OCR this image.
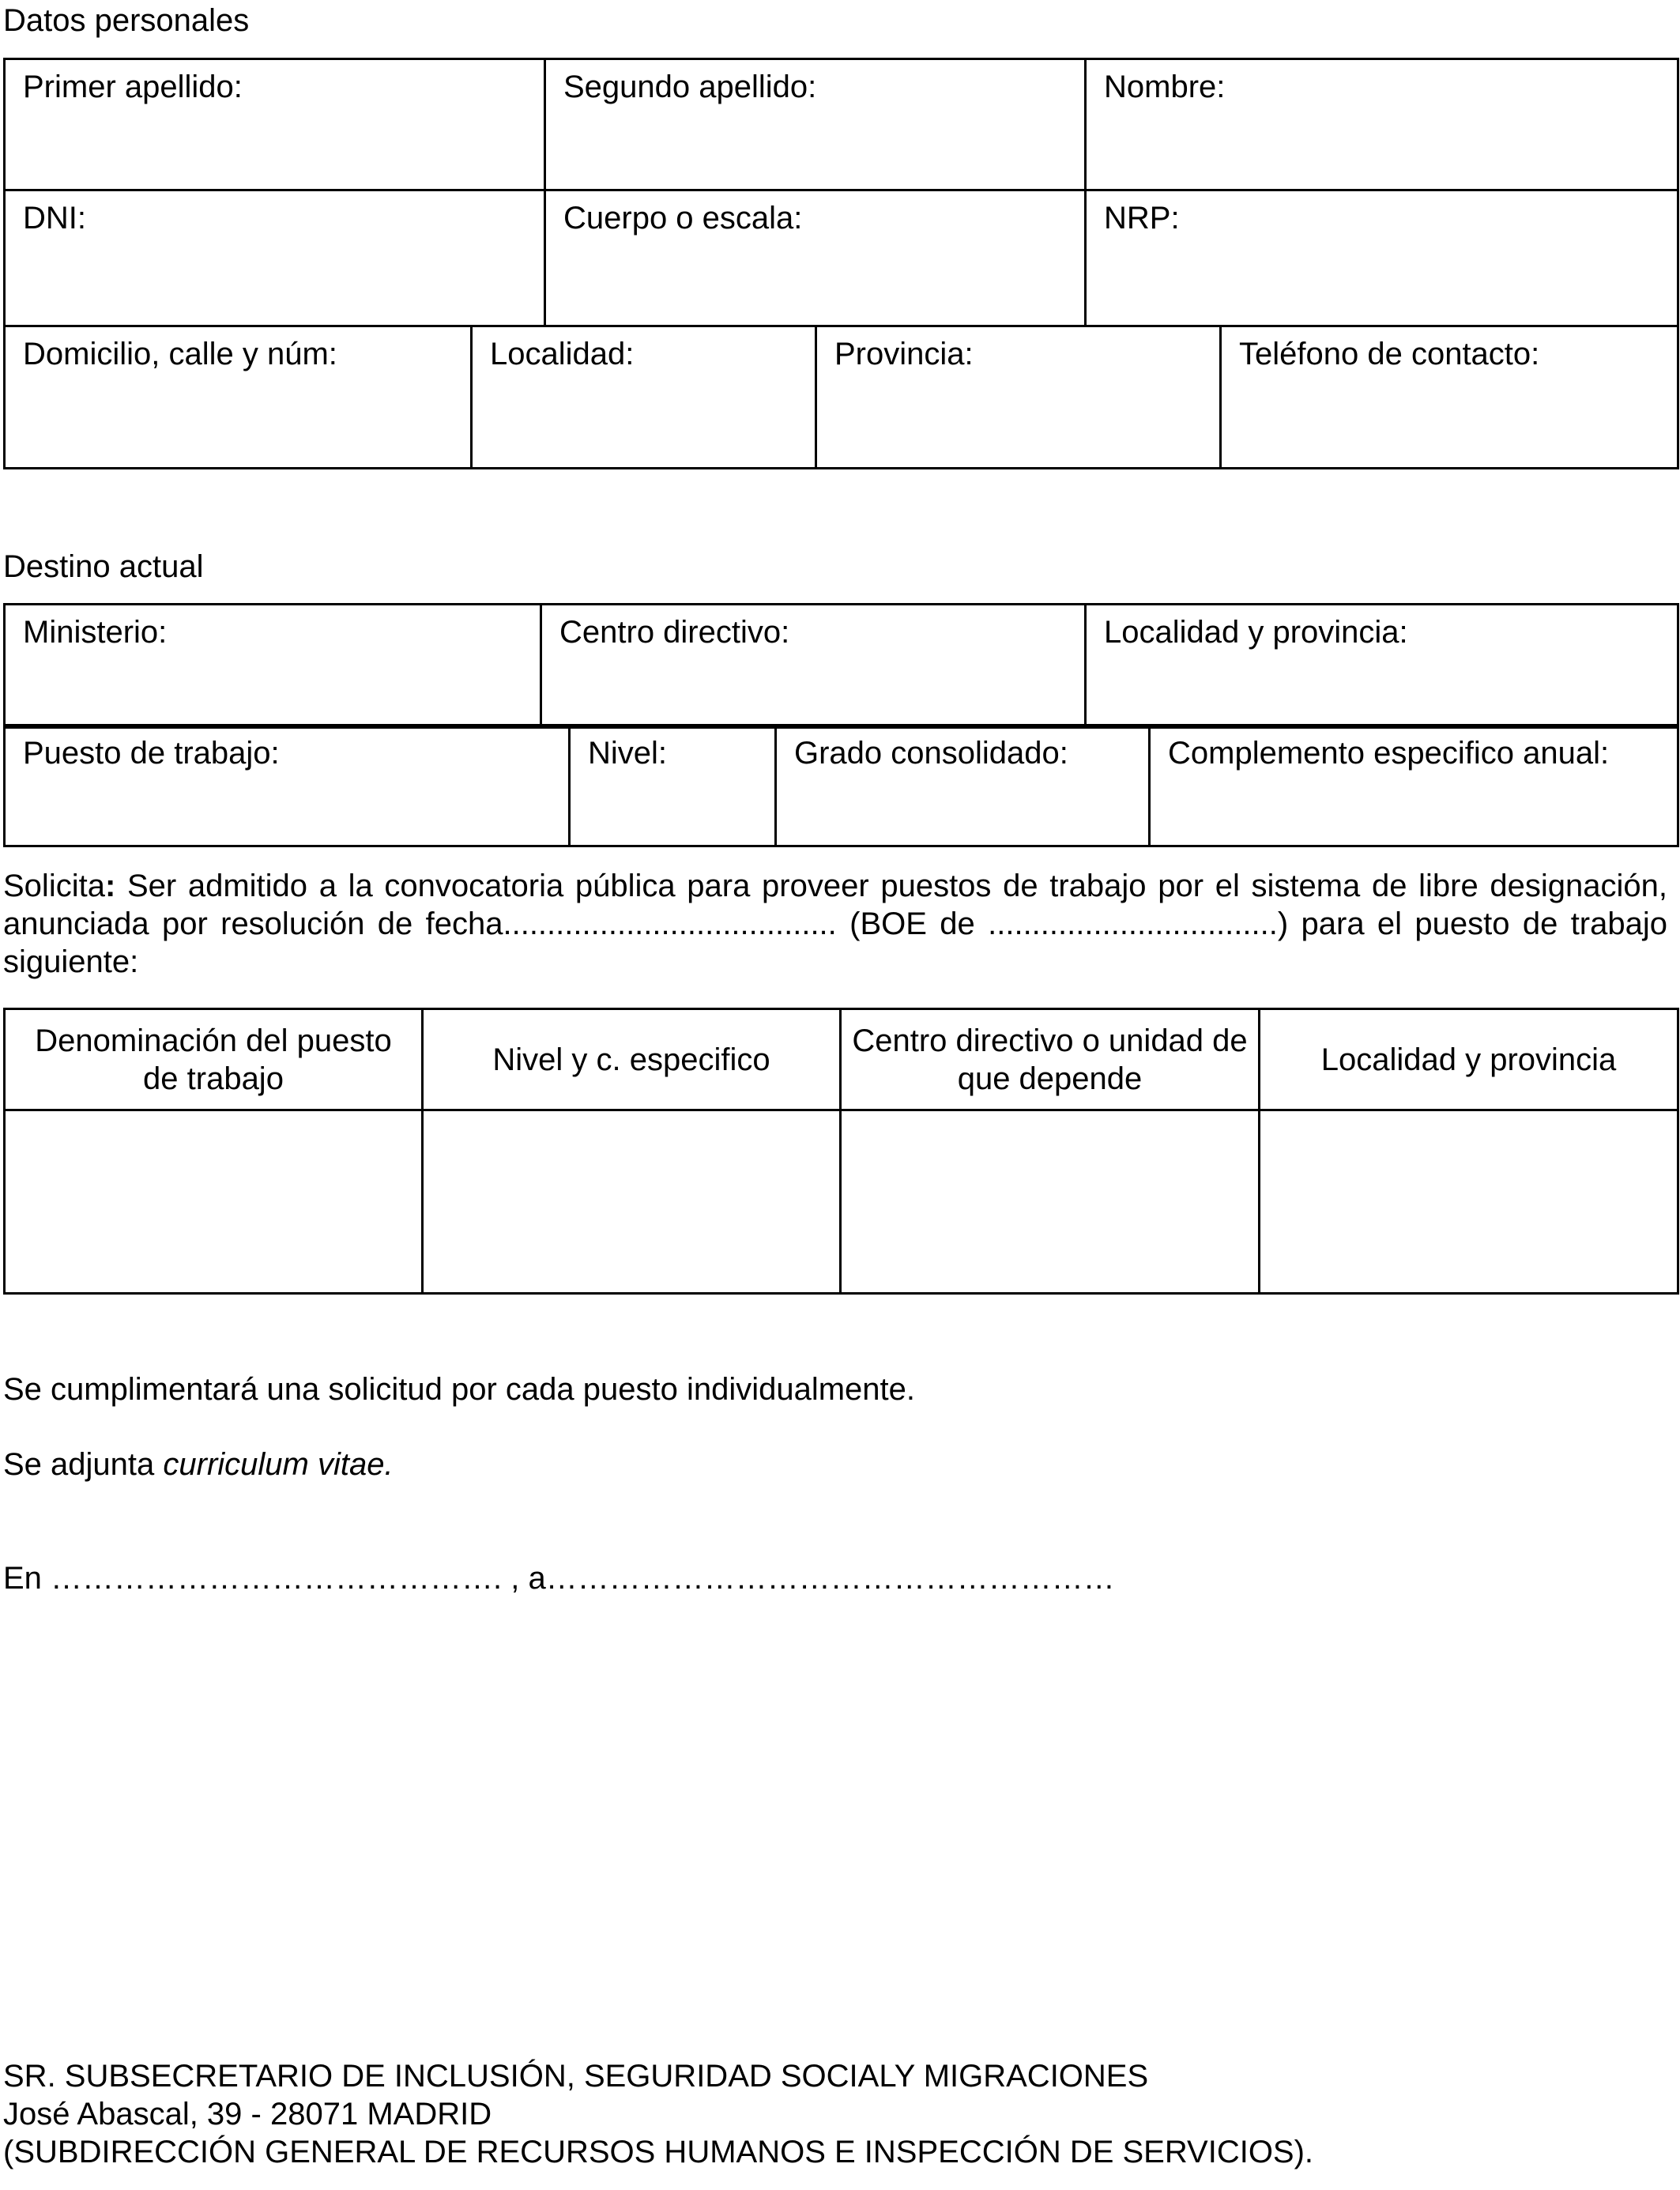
Datos personales
Primer apellido:	Segundo apellido:	Nombre:
DNI:	Cuerpo o escala:	NRP:
Domicilio, calle y núm:	Localidad:	Provincia:	Teléfono de contacto:
Destino actual
Ministerio:	Centro directivo:	Localidad y provincia:
Puesto de trabajo:	Nivel:	Grado consolidado:	Complemento especifico anual:
Solicita: Ser admitido a la convocatoria pública para proveer puestos de trabajo por el sistema de libre designación, anunciada por resolución de fecha...................................... (BOE de .................................) para el puesto de trabajo siguiente:
Denominación del puesto de trabajo	Nivel y c. especifico	Centro directivo o unidad de que depende	Localidad y provincia

Se cumplimentará una solicitud por cada puesto individualmente.
Se adjunta curriculum vitae.
En ……………………………………. , a………………………………………………
SR. SUBSECRETARIO DE INCLUSIÓN, SEGURIDAD SOCIALY MIGRACIONES
José Abascal, 39 - 28071 MADRID
(SUBDIRECCIÓN GENERAL DE RECURSOS HUMANOS E INSPECCIÓN DE SERVICIOS).
